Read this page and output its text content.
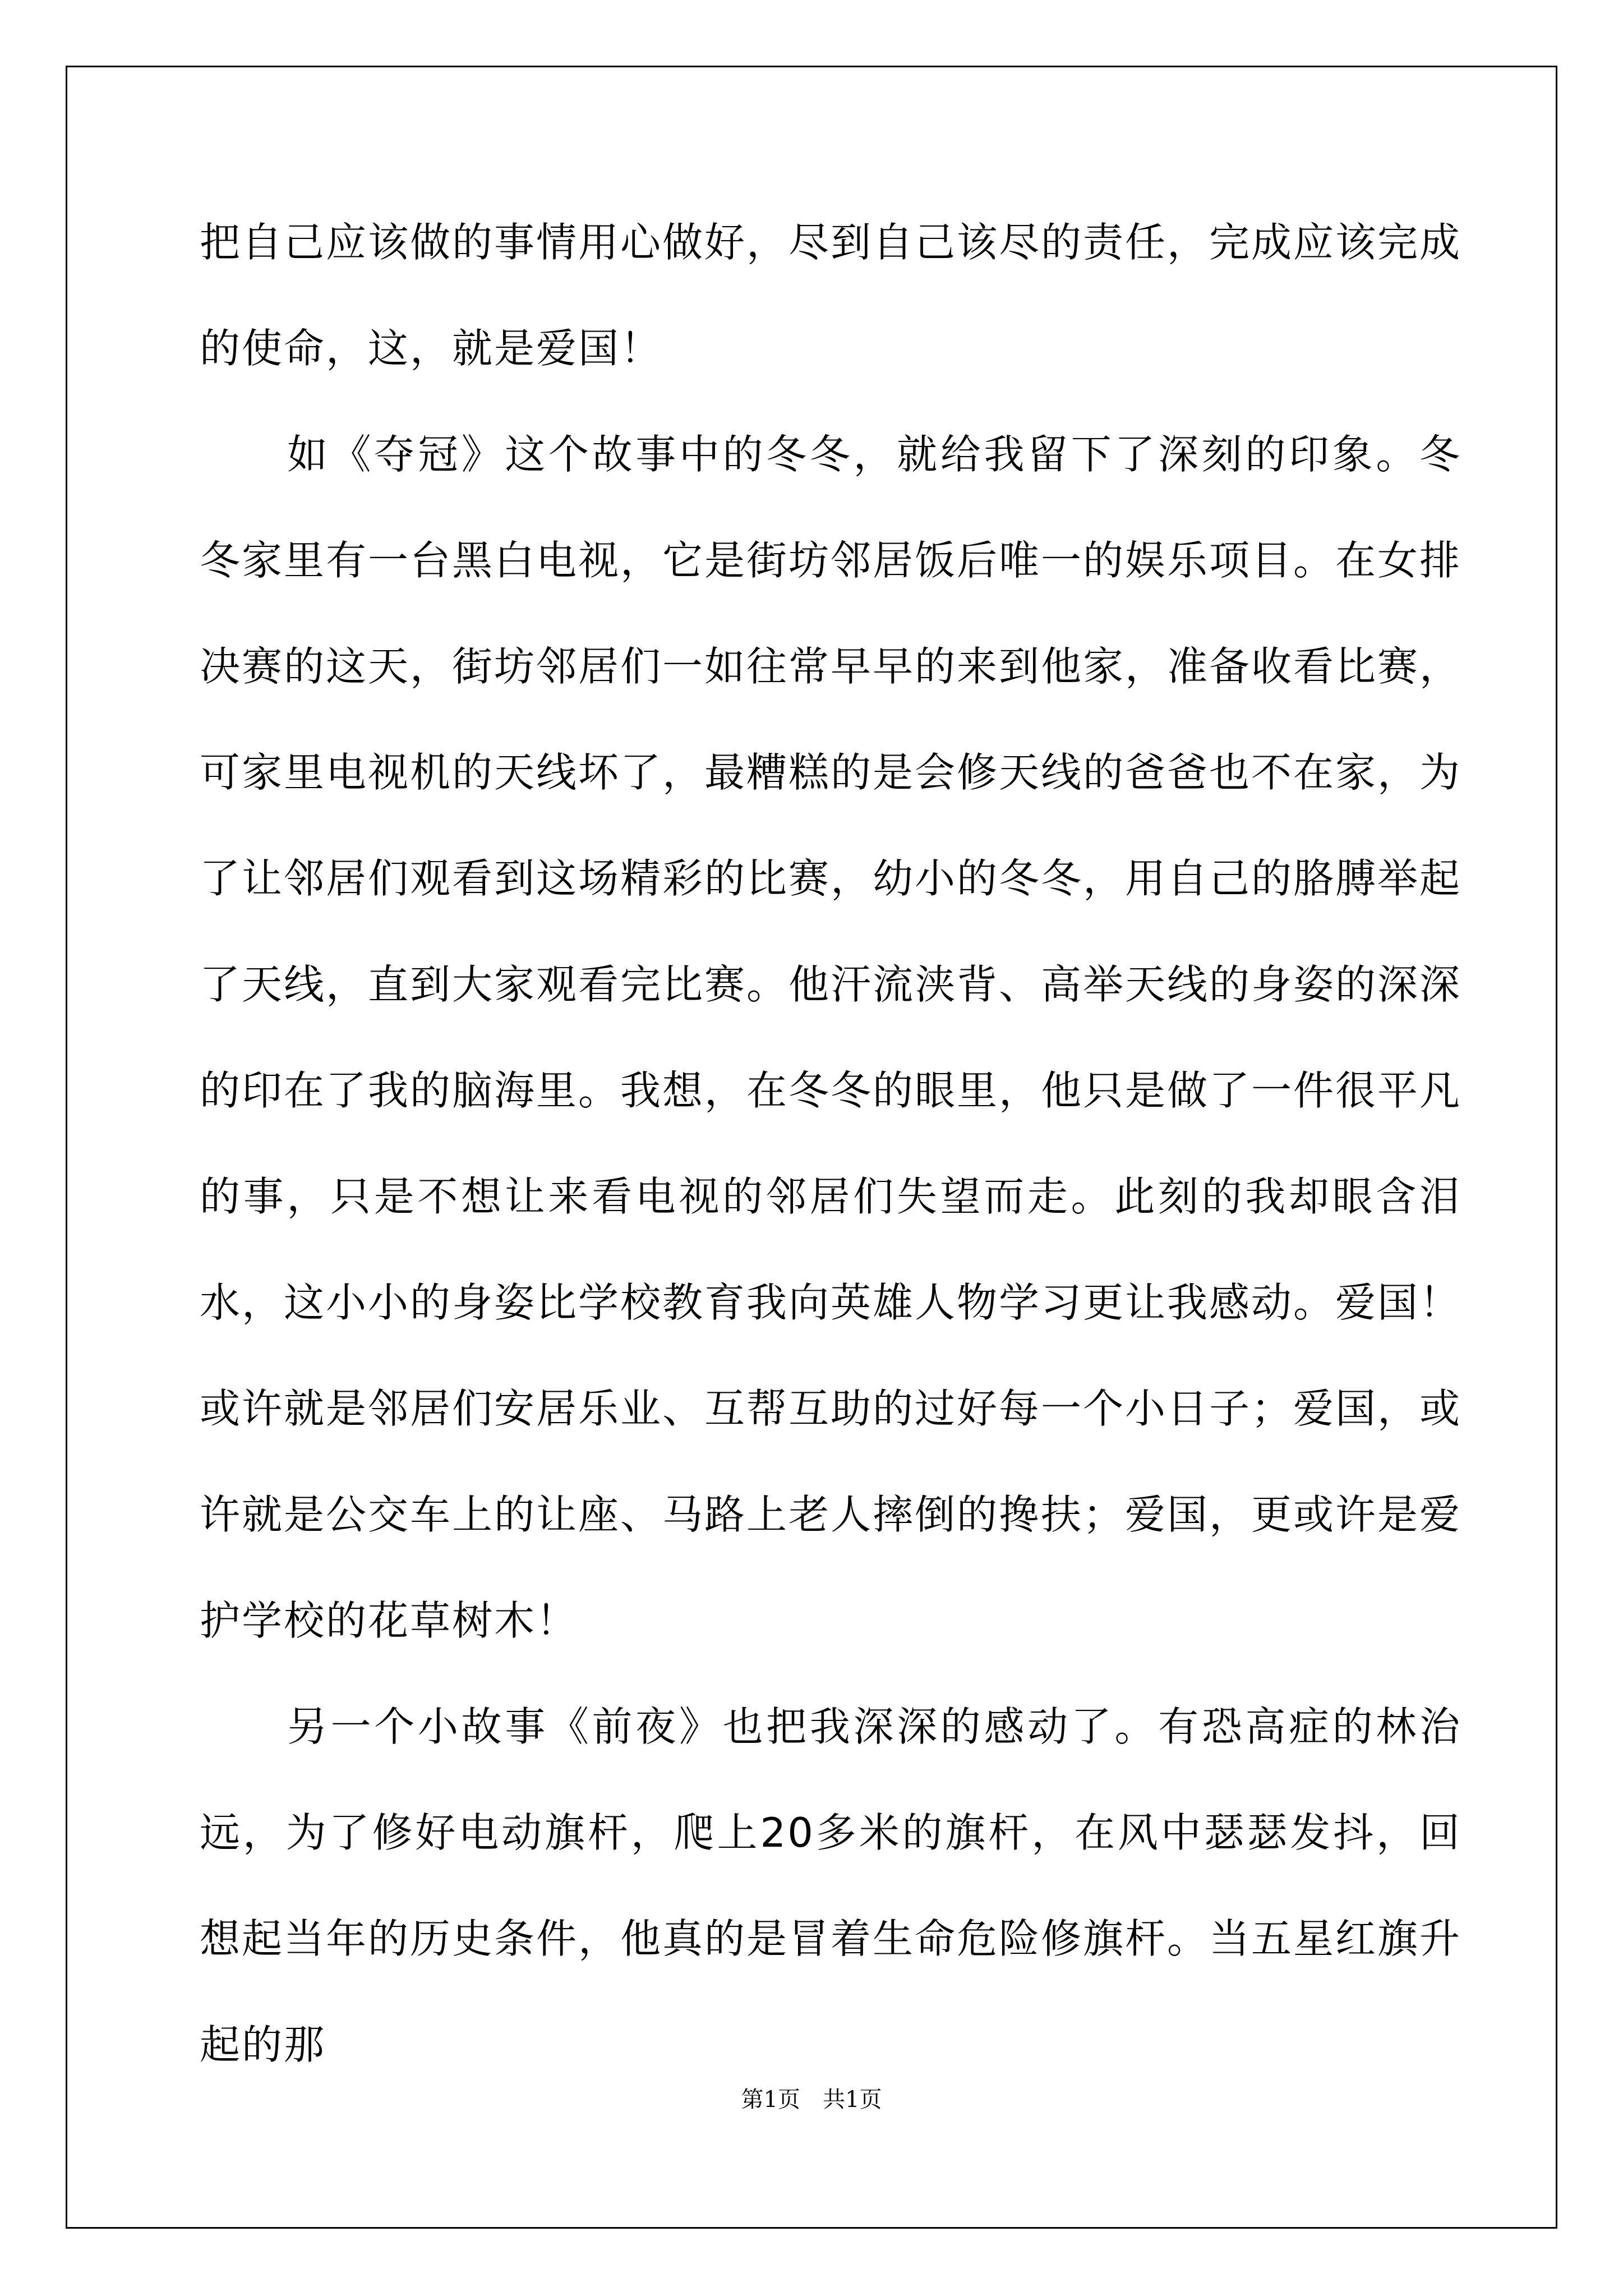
把自己应该做的事情用心做好，尽到自己该尽的责任，完成应该完成的使命，这，就是爱国！

如《夺冠》这个故事中的冬冬，就给我留下了深刻的印象。冬冬家里有一台黑白电视，它是街坊邻居饭后唯一的娱乐项目。在女排决赛的这天，街坊邻居们一如往常早早的来到他家，准备收看比赛，可家里电视机的天线坏了，最糟糕的是会修天线的爸爸也不在家，为了让邻居们观看到这场精彩的比赛，幼小的冬冬，用自己的胳膊举起了天线，直到大家观看完比赛。他汗流浃背、高举天线的身姿的深深的印在了我的脑海里。我想，在冬冬的眼里，他只是做了一件很平凡的事，只是不想让来看电视的邻居们失望而走。此刻的我却眼含泪水，这小小的身姿比学校教育我向英雄人物学习更让我感动。爱国！或许就是邻居们安居乐业、互帮互助的过好每一个小日子；爱国，或许就是公交车上的让座、马路上老人摔倒的搀扶；爱国，更或许是爱护学校的花草树木！

另一个小故事《前夜》也把我深深的感动了。有恐高症的林治远，为了修好电动旗杆，爬上20多米的旗杆，在风中瑟瑟发抖，回想起当年的历史条件，他真的是冒着生命危险修旗杆。当五星红旗升起的那

第1页　共1页
